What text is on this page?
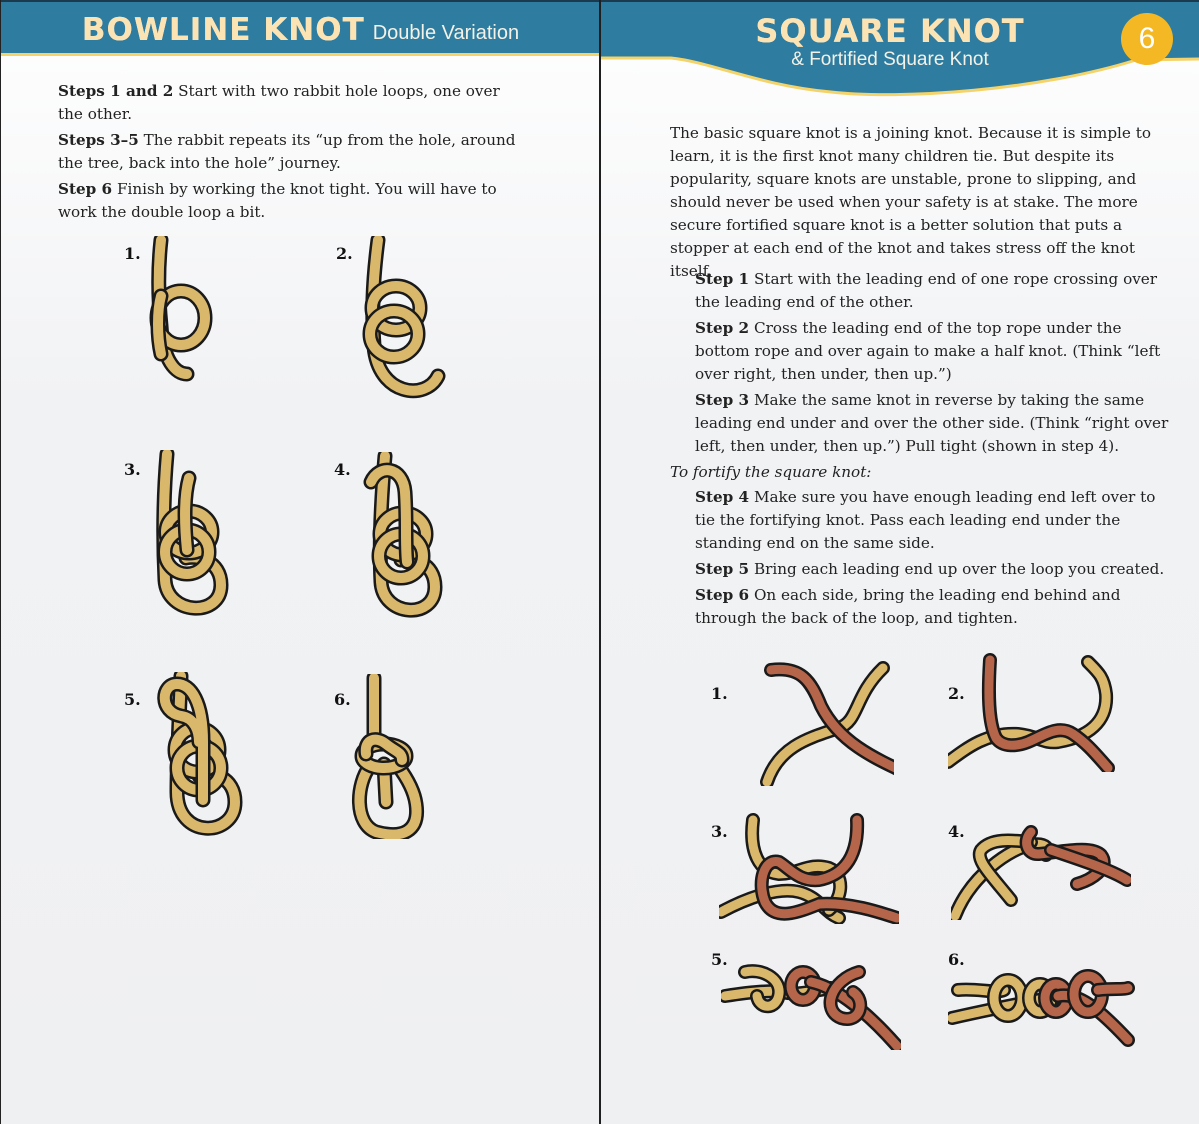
BOWLINE KNOT Double Variation

Steps 1 and 2 Start with two rabbit hole loops, one over the other.

Steps 3–5 The rabbit repeats its “up from the hole, around the tree, back into the hole” journey.

Step 6 Finish by working the knot tight. You will have to work the double loop a bit.

1.	2.
3.	4.
5.	6.
SQUARE KNOT
& Fortified Square Knot
6

The basic square knot is a joining knot. Because it is simple to learn, it is the first knot many children tie. But despite its popularity, square knots are unstable, prone to slipping, and should never be used when your safety is at stake. The more secure fortified square knot is a better solution that puts a stopper at each end of the knot and takes stress off the knot itself.

Step 1 Start with the leading end of one rope crossing over the leading end of the other.

Step 2 Cross the leading end of the top rope under the bottom rope and over again to make a half knot. (Think “left over right, then under, then up.”)

Step 3 Make the same knot in reverse by taking the same leading end under and over the other side. (Think “right over left, then under, then up.”) Pull tight (shown in step 4).

To fortify the square knot:

Step 4 Make sure you have enough leading end left over to tie the fortifying knot. Pass each leading end under the standing end on the same side.

Step 5 Bring each leading end up over the loop you created.

Step 6 On each side, bring the leading end behind and through the back of the loop, and tighten.

1.	2.
3.	4.
5.	6.
